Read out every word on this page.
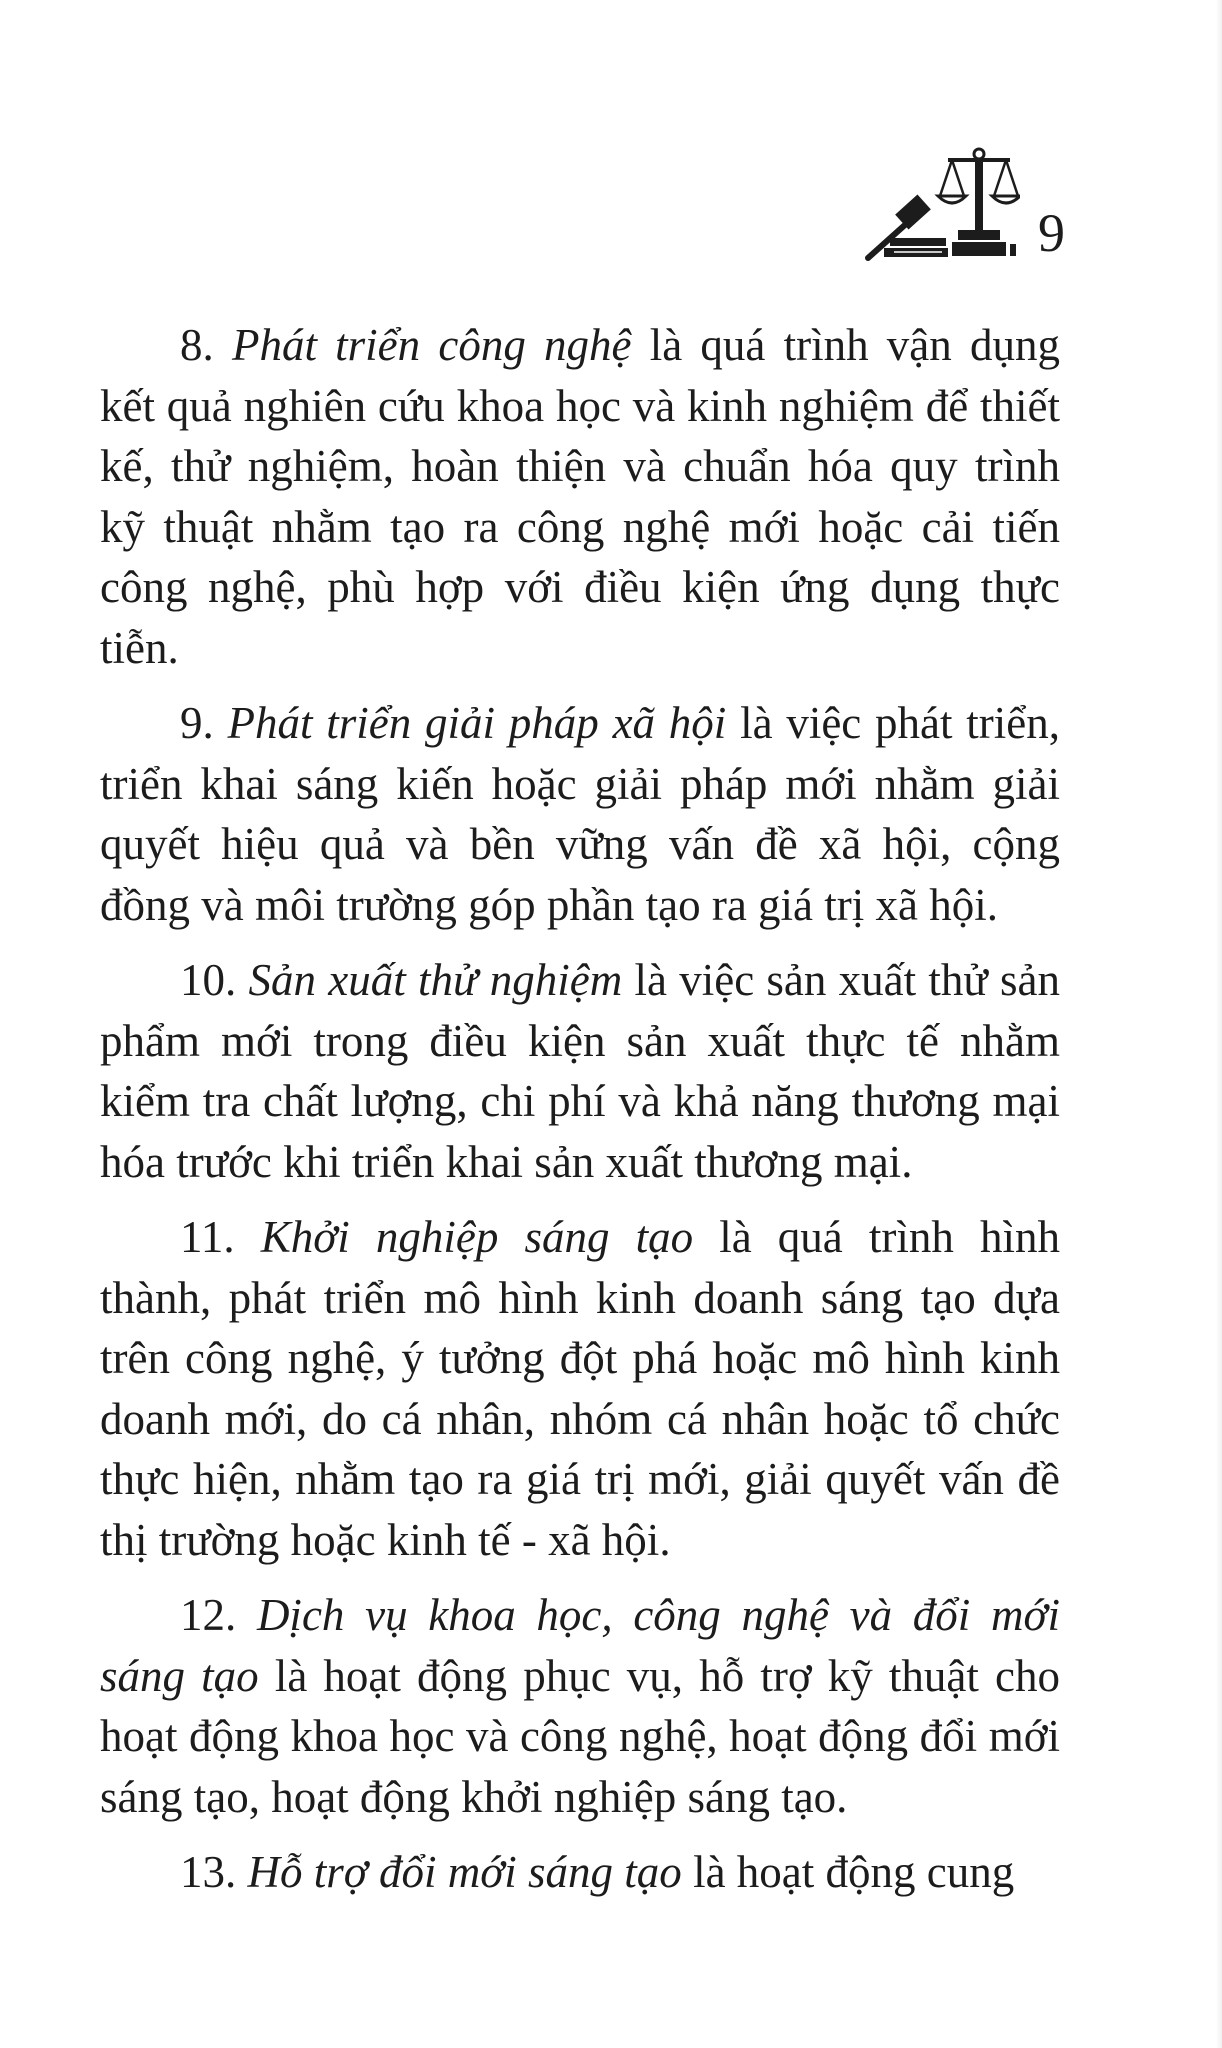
9

8. Phát triển công nghệ là quá trình vận dụng kết quả nghiên cứu khoa học và kinh nghiệm để thiết kế, thử nghiệm, hoàn thiện và chuẩn hóa quy trình kỹ thuật nhằm tạo ra công nghệ mới hoặc cải tiến công nghệ, phù hợp với điều kiện ứng dụng thực tiễn.

9. Phát triển giải pháp xã hội là việc phát triển, triển khai sáng kiến hoặc giải pháp mới nhằm giải quyết hiệu quả và bền vững vấn đề xã hội, cộng đồng và môi trường góp phần tạo ra giá trị xã hội.

10. Sản xuất thử nghiệm là việc sản xuất thử sản phẩm mới trong điều kiện sản xuất thực tế nhằm kiểm tra chất lượng, chi phí và khả năng thương mại hóa trước khi triển khai sản xuất thương mại.

11. Khởi nghiệp sáng tạo là quá trình hình thành, phát triển mô hình kinh doanh sáng tạo dựa trên công nghệ, ý tưởng đột phá hoặc mô hình kinh doanh mới, do cá nhân, nhóm cá nhân hoặc tổ chức thực hiện, nhằm tạo ra giá trị mới, giải quyết vấn đề thị trường hoặc kinh tế - xã hội.

12. Dịch vụ khoa học, công nghệ và đổi mới sáng tạo là hoạt động phục vụ, hỗ trợ kỹ thuật cho hoạt động khoa học và công nghệ, hoạt động đổi mới sáng tạo, hoạt động khởi nghiệp sáng tạo.

13. Hỗ trợ đổi mới sáng tạo là hoạt động cung
